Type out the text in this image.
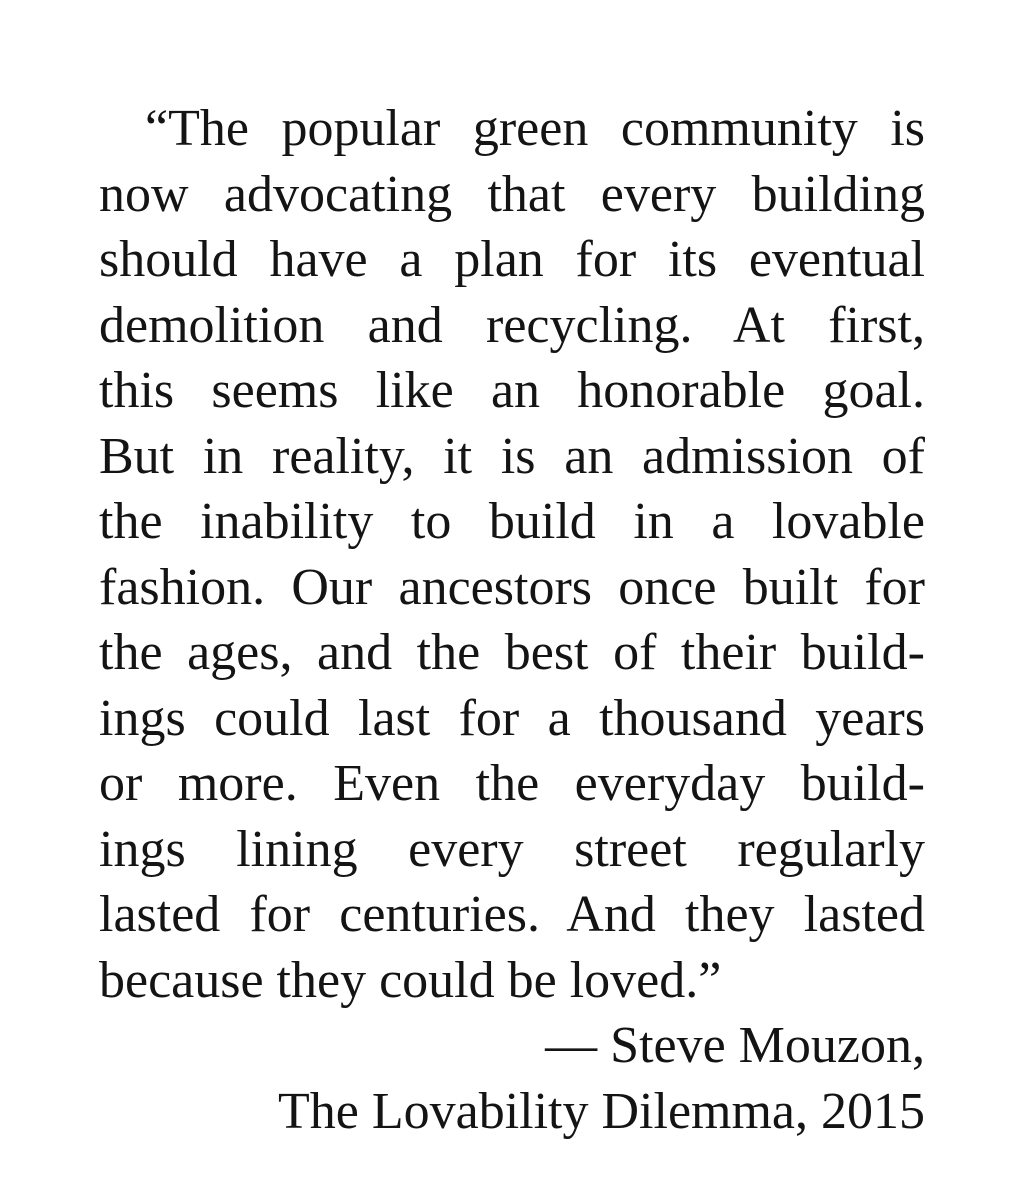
“The popular green community is
now advocating that every building
should have a plan for its eventual
demolition and recycling. At first,
this seems like an honorable goal.
But in reality, it is an admission of
the inability to build in a lovable
fashion. Our ancestors once built for
the ages, and the best of their build-
ings could last for a thousand years
or more. Even the everyday build-
ings lining every street regularly
lasted for centuries. And they lasted
because they could be loved.”
— Steve Mouzon,
The Lovability Dilemma, 2015
